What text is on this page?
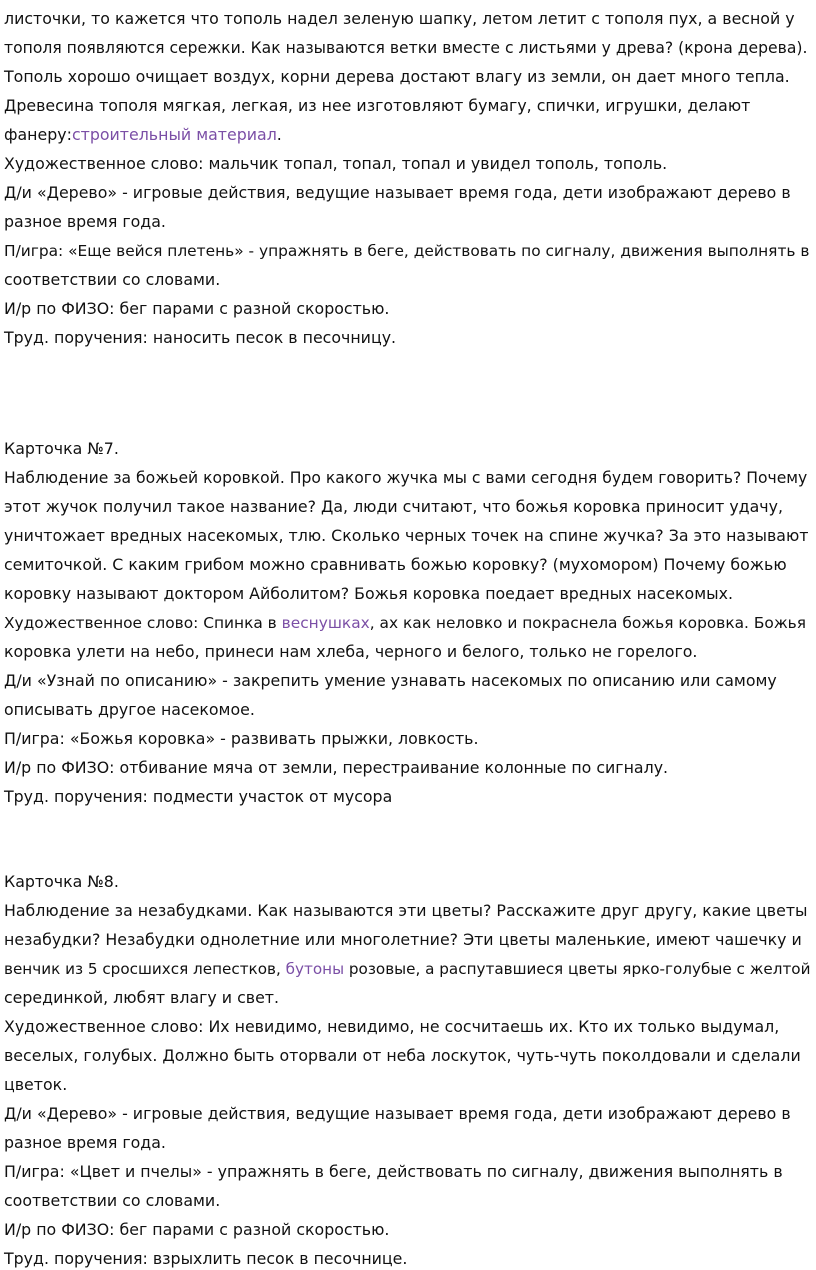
листочки, то кажется что тополь надел зеленую шапку, летом летит с тополя пух, а весной у
тополя появляются сережки. Как называются ветки вместе с листьями у древа? (крона дерева).
Тополь хорошо очищает воздух, корни дерева достают влагу из земли, он дает много тепла.
Древесина тополя мягкая, легкая, из нее изготовляют бумагу, спички, игрушки, делают
фанеру:строительный материал.
Художественное слово: мальчик топал, топал, топал и увидел тополь, тополь.
Д/и «Дерево» - игровые действия, ведущие называет время года, дети изображают дерево в
разное время года.
П/игра: «Еще вейся плетень» - упражнять в беге, действовать по сигналу, движения выполнять в
соответствии со словами.
И/р по ФИЗО: бег парами с разной скоростью.
Труд. поручения: наносить песок в песочницу.
Карточка №7.
Наблюдение за божьей коровкой. Про какого жучка мы с вами сегодня будем говорить? Почему
этот жучок получил такое название? Да, люди считают, что божья коровка приносит удачу,
уничтожает вредных насекомых, тлю. Сколько черных точек на спине жучка? За это называют
семиточкой. С каким грибом можно сравнивать божью коровку? (мухомором) Почему божью
коровку называют доктором Айболитом? Божья коровка поедает вредных насекомых.
Художественное слово: Спинка в веснушках, ах как неловко и покраснела божья коровка. Божья
коровка улети на небо, принеси нам хлеба, черного и белого, только не горелого.
Д/и «Узнай по описанию» - закрепить умение узнавать насекомых по описанию или самому
описывать другое насекомое.
П/игра: «Божья коровка» - развивать прыжки, ловкость.
И/р по ФИЗО: отбивание мяча от земли, перестраивание колонные по сигналу.
Труд. поручения: подмести участок от мусора
Карточка №8.
Наблюдение за незабудками. Как называются эти цветы? Расскажите друг другу, какие цветы
незабудки? Незабудки однолетние или многолетние? Эти цветы маленькие, имеют чашечку и
венчик из 5 сросшихся лепестков, бутоны розовые, а распутавшиеся цветы ярко-голубые с желтой
серединкой, любят влагу и свет.
Художественное слово: Их невидимо, невидимо, не сосчитаешь их. Кто их только выдумал,
веселых, голубых. Должно быть оторвали от неба лоскуток, чуть-чуть поколдовали и сделали
цветок.
Д/и «Дерево» - игровые действия, ведущие называет время года, дети изображают дерево в
разное время года.
П/игра: «Цвет и пчелы» - упражнять в беге, действовать по сигналу, движения выполнять в
соответствии со словами.
И/р по ФИЗО: бег парами с разной скоростью.
Труд. поручения: взрыхлить песок в песочнице.
